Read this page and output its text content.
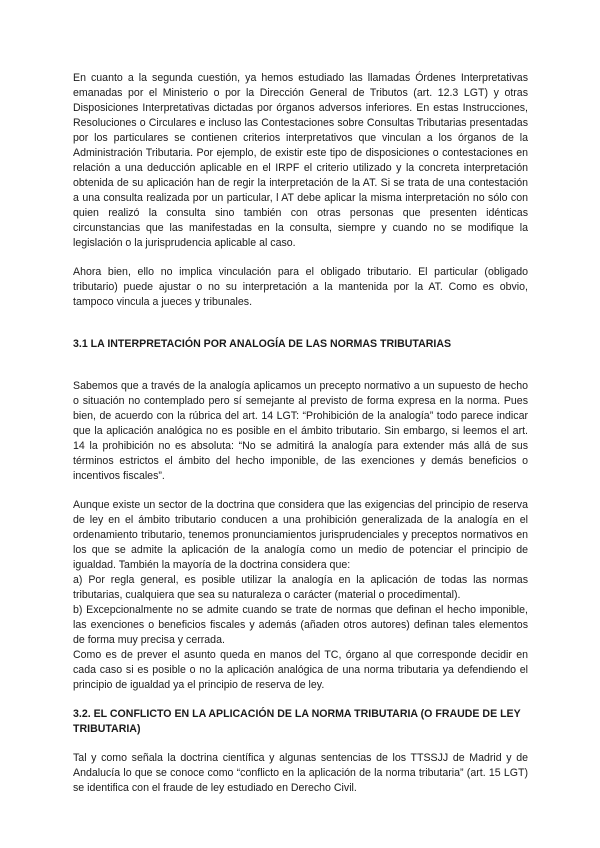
En cuanto a la segunda cuestión, ya hemos estudiado las llamadas Órdenes Interpretativas emanadas por el Ministerio o por la Dirección General de Tributos (art. 12.3 LGT) y otras Disposiciones Interpretativas dictadas por órganos adversos inferiores. En estas Instrucciones, Resoluciones o Circulares e incluso las Contestaciones sobre Consultas Tributarias presentadas por los particulares se contienen criterios interpretativos que vinculan a los órganos de la Administración Tributaria. Por ejemplo, de existir este tipo de disposiciones o contestaciones en relación a una deducción aplicable en el IRPF el criterio utilizado y la concreta interpretación obtenida de su aplicación han de regir la interpretación de la AT. Si se trata de una contestación a una consulta realizada por un particular, l AT debe aplicar la misma interpretación no sólo con quien realizó la consulta sino también con otras personas que presenten idénticas circunstancias que las manifestadas en la consulta, siempre y cuando no se modifique la legislación o la jurisprudencia aplicable al caso.

Ahora bien, ello no implica vinculación para el obligado tributario. El particular (obligado tributario) puede ajustar o no su interpretación a la mantenida por la AT. Como es obvio, tampoco vincula a jueces y tribunales.

3.1 LA INTERPRETACIÓN POR ANALOGÍA DE LAS NORMAS TRIBUTARIAS

Sabemos que a través de la analogía aplicamos un precepto normativo a un supuesto de hecho o situación no contemplado pero sí semejante al previsto de forma expresa en la norma. Pues bien, de acuerdo con la rúbrica del art. 14 LGT: “Prohibición de la analogía” todo parece indicar que la aplicación analógica no es posible en el ámbito tributario. Sin embargo, si leemos el art. 14 la prohibición no es absoluta: “No se admitirá la analogía para extender más allá de sus términos estrictos el ámbito del hecho imponible, de las exenciones y demás beneficios o incentivos fiscales”.

Aunque existe un sector de la doctrina que considera que las exigencias del principio de reserva de ley en el ámbito tributario conducen a una prohibición generalizada de la analogía en el ordenamiento tributario, tenemos pronunciamientos jurisprudenciales y preceptos normativos en los que se admite la aplicación de la analogía como un medio de potenciar el principio de igualdad. También la mayoría de la doctrina considera que:

a) Por regla general, es posible utilizar la analogía en la aplicación de todas las normas tributarias, cualquiera que sea su naturaleza o carácter (material o procedimental).

b) Excepcionalmente no se admite cuando se trate de normas que definan el hecho imponible, las exenciones o beneficios fiscales y además (añaden otros autores) definan tales elementos de forma muy precisa y cerrada.

Como es de prever el asunto queda en manos del TC, órgano al que corresponde decidir en cada caso si es posible o no la aplicación analógica de una norma tributaria ya defendiendo el principio de igualdad ya el principio de reserva de ley.

3.2. EL CONFLICTO EN LA APLICACIÓN DE LA NORMA TRIBUTARIA (O FRAUDE DE LEY TRIBUTARIA)

Tal y como señala la doctrina científica y algunas sentencias de los TTSSJJ de Madrid y de Andalucía lo que se conoce como “conflicto en la aplicación de la norma tributaria” (art. 15 LGT) se identifica con el fraude de ley estudiado en Derecho Civil.
